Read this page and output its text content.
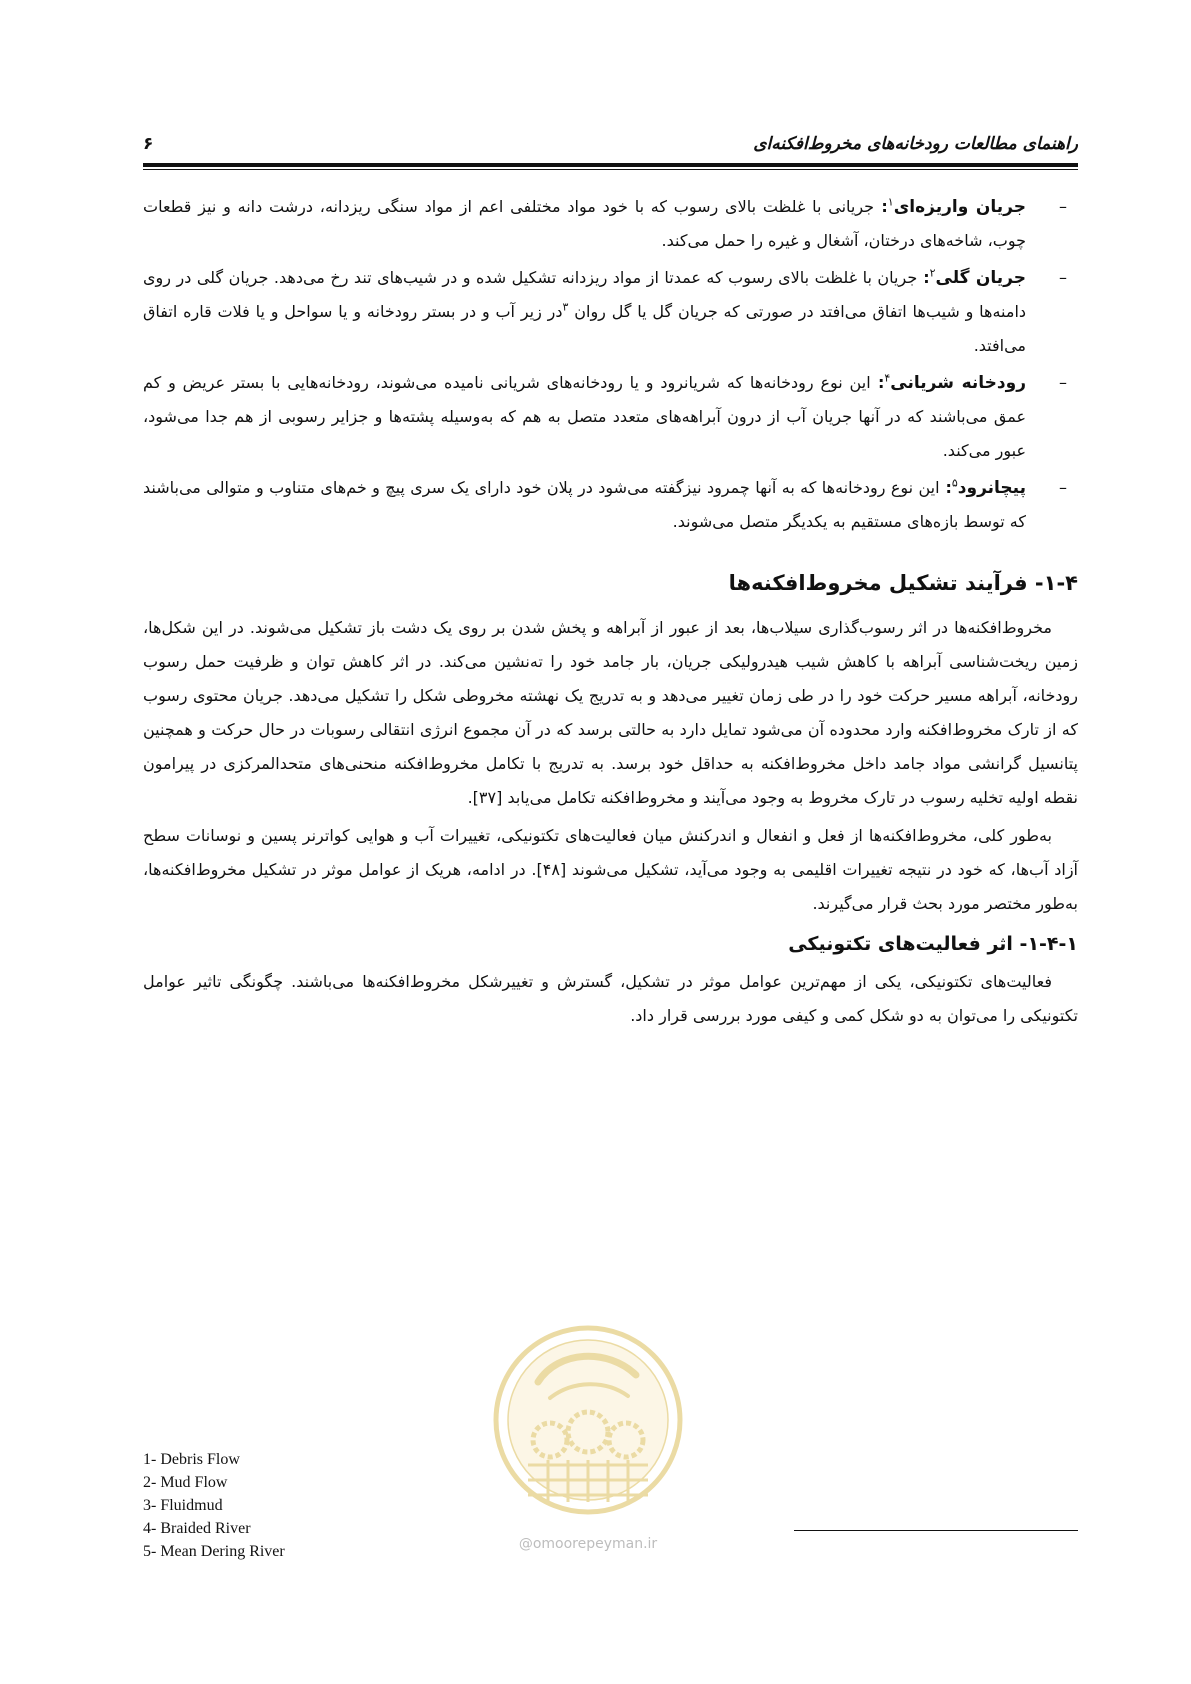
۶	راهنمای مطالعات رودخانه‌های مخروط‌افکنه‌ای
–
جریان واریزه‌ای$^۱$: جریانی با غلظت بالای رسوب که با خود مواد مختلفی اعم از مواد سنگی ریزدانه، درشت دانه و نیز قطعات چوب، شاخه‌های درختان، آشغال و غیره را حمل می‌کند.
–
جریان گلی$^۲$: جریان با غلظت بالای رسوب که عمدتا از مواد ریزدانه تشکیل شده و در شیب‌های تند رخ می‌دهد. جریان گلی در روی دامنه‌ها و شیب‌ها اتفاق می‌افتد در صورتی که جریان گل یا گل روان $^۳$در زیر آب و در بستر رودخانه و یا سواحل و یا فلات قاره اتفاق می‌افتد.
–
رودخانه شریانی$^۴$: این نوع رودخانه‌ها که شریانرود و یا رودخانه‌های شریانی نامیده می‌شوند، رودخانه‌هایی با بستر عریض و کم عمق می‌باشند که در آنها جریان آب از درون آبراهه‌های متعدد متصل به هم که به‌وسیله پشته‌ها و جزایر رسوبی از هم جدا می‌شود، عبور می‌کند.
–
پیچانرود$^۵$: این نوع رودخانه‌ها که به آنها چمرود نیزگفته می‌شود در پلان خود دارای یک سری پیچ و خم‌های متناوب و متوالی می‌باشند که توسط بازه‌های مستقیم به یکدیگر متصل می‌شوند.
۱-۴- فرآیند تشکیل مخروط‌افکنه‌ها

مخروط‌افکنه‌ها در اثر رسوب‌گذاری سیلاب‌ها، بعد از عبور از آبراهه و پخش شدن بر روی یک دشت باز تشکیل می‌شوند. در این شکل‌ها، زمین ریخت‌شناسی آبراهه با کاهش شیب هیدرولیکی جریان، بار جامد خود را ته‌نشین می‌کند. در اثر کاهش توان و ظرفیت حمل رسوب رودخانه، آبراهه مسیر حرکت خود را در طی زمان تغییر می‌دهد و به تدریج یک نهشته مخروطی شکل را تشکیل می‌دهد. جریان محتوی رسوب که از تارک مخروط‌افکنه وارد محدوده آن می‌شود تمایل دارد به حالتی برسد که در آن مجموع انرژی انتقالی رسوبات در حال حرکت و همچنین پتانسیل گرانشی مواد جامد داخل مخروط‌افکنه به حداقل خود برسد. به تدریج با تکامل مخروط‌افکنه منحنی‌های متحدالمرکزی در پیرامون نقطه اولیه تخلیه رسوب در تارک مخروط به وجود می‌آیند و مخروط‌افکنه تکامل می‌یابد [۳۷].

به‌طور کلی، مخروط‌افکنه‌ها از فعل و انفعال و اندرکنش میان فعالیت‌های تکتونیکی، تغییرات آب و هوایی کواترنر پسین و نوسانات سطح آزاد آب‌ها، که خود در نتیجه تغییرات اقلیمی به وجود می‌آید، تشکیل می‌شوند [۴۸]. در ادامه، هریک از عوامل موثر در تشکیل مخروط‌افکنه‌ها، به‌طور مختصر مورد بحث قرار می‌گیرند.

۱-۴-۱- اثر فعالیت‌های تکتونیکی

فعالیت‌های تکتونیکی، یکی از مهم‌ترین عوامل موثر در تشکیل، گسترش و تغییرشکل مخروط‌افکنه‌ها می‌باشند. چگونگی تاثیر عوامل تکتونیکی را می‌توان به دو شکل کمی و کیفی مورد بررسی قرار داد.

@omoorepeyman.ir
1- Debris Flow
2- Mud Flow
3- Fluidmud
4- Braided River
5- Mean Dering River
